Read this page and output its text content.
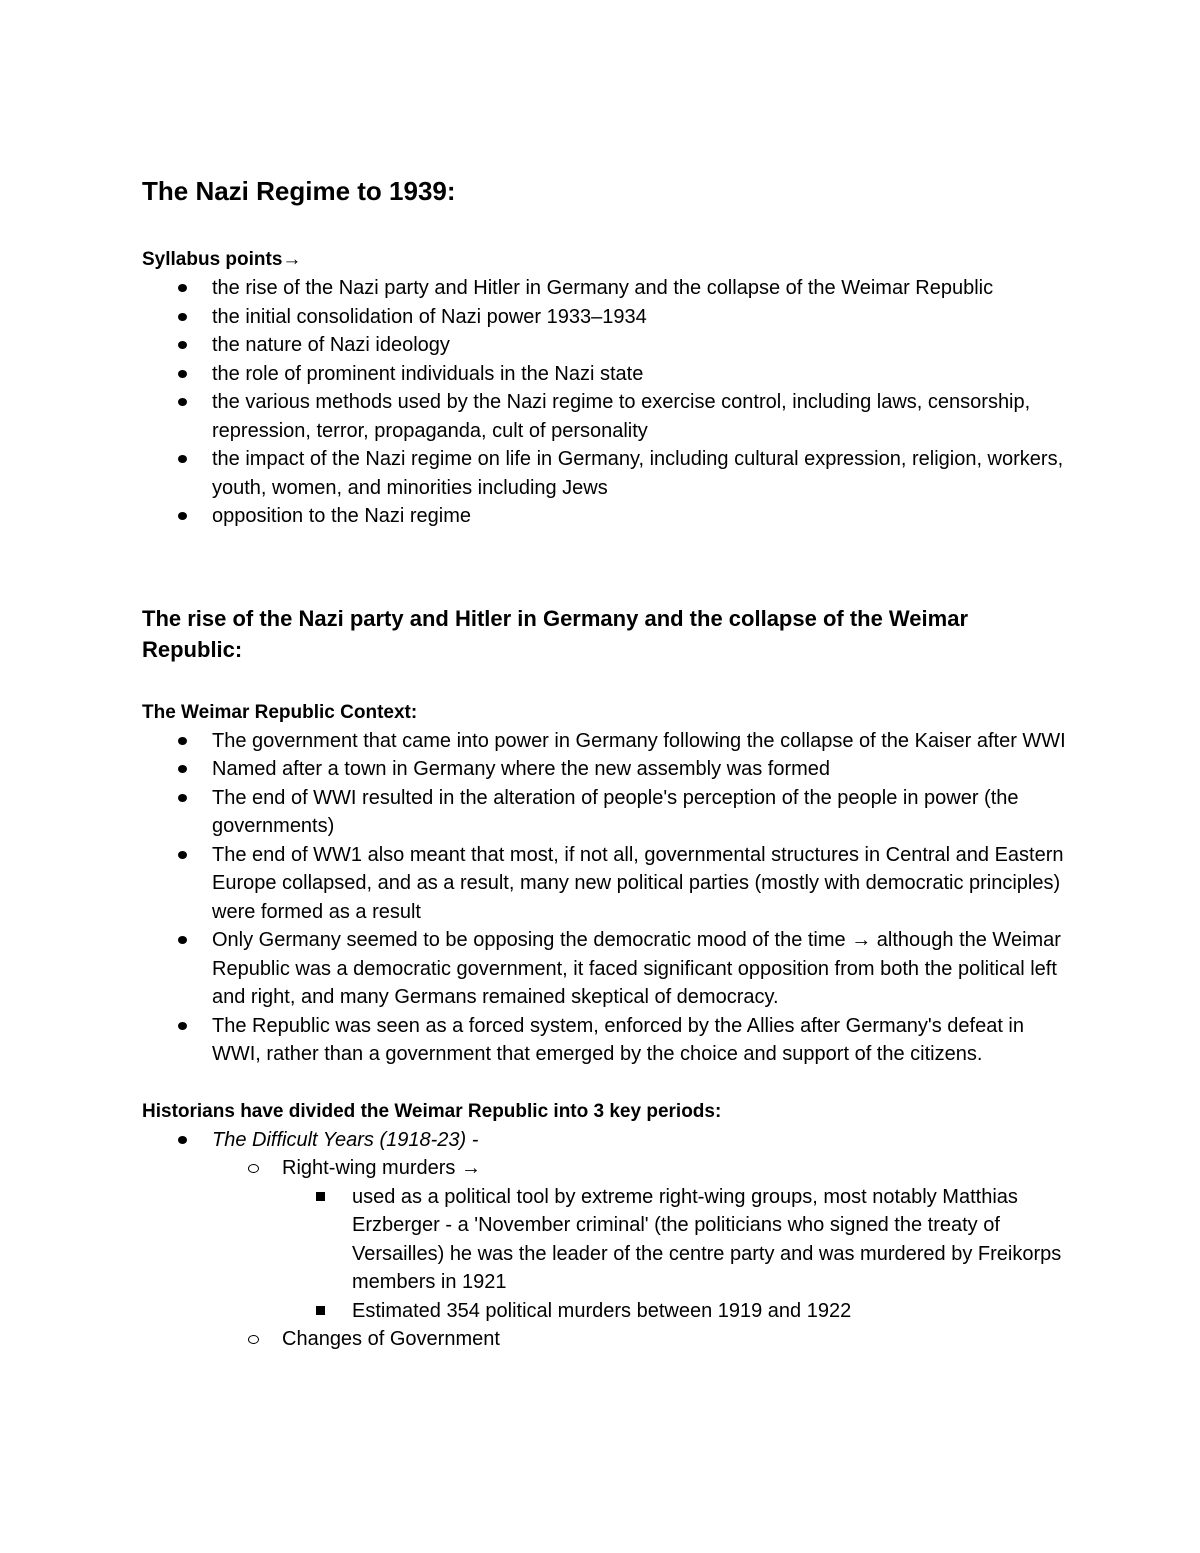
The Nazi Regime to 1939:

Syllabus points→

the rise of the Nazi party and Hitler in Germany and the collapse of the Weimar Republic
the initial consolidation of Nazi power 1933–1934
the nature of Nazi ideology
the role of prominent individuals in the Nazi state
the various methods used by the Nazi regime to exercise control, including laws, censorship, repression, terror, propaganda, cult of personality
the impact of the Nazi regime on life in Germany, including cultural expression, religion, workers, youth, women, and minorities including Jews
opposition to the Nazi regime
The rise of the Nazi party and Hitler in Germany and the collapse of the Weimar Republic:

The Weimar Republic Context:

The government that came into power in Germany following the collapse of the Kaiser after WWI
Named after a town in Germany where the new assembly was formed
The end of WWI resulted in the alteration of people's perception of the people in power (the governments)
The end of WW1 also meant that most, if not all, governmental structures in Central and Eastern Europe collapsed, and as a result, many new political parties (mostly with democratic principles) were formed as a result
Only Germany seemed to be opposing the democratic mood of the time → although the Weimar Republic was a democratic government, it faced significant opposition from both the political left and right, and many Germans remained skeptical of democracy.
The Republic was seen as a forced system, enforced by the Allies after Germany's defeat in WWI, rather than a government that emerged by the choice and support of the citizens.

Historians have divided the Weimar Republic into 3 key periods:

The Difficult Years (1918-23) -
Right-wing murders →
used as a political tool by extreme right-wing groups, most notably Matthias Erzberger - a 'November criminal' (the politicians who signed the treaty of Versailles) he was the leader of the centre party and was murdered by Freikorps members in 1921
Estimated 354 political murders between 1919 and 1922
Changes of Government
